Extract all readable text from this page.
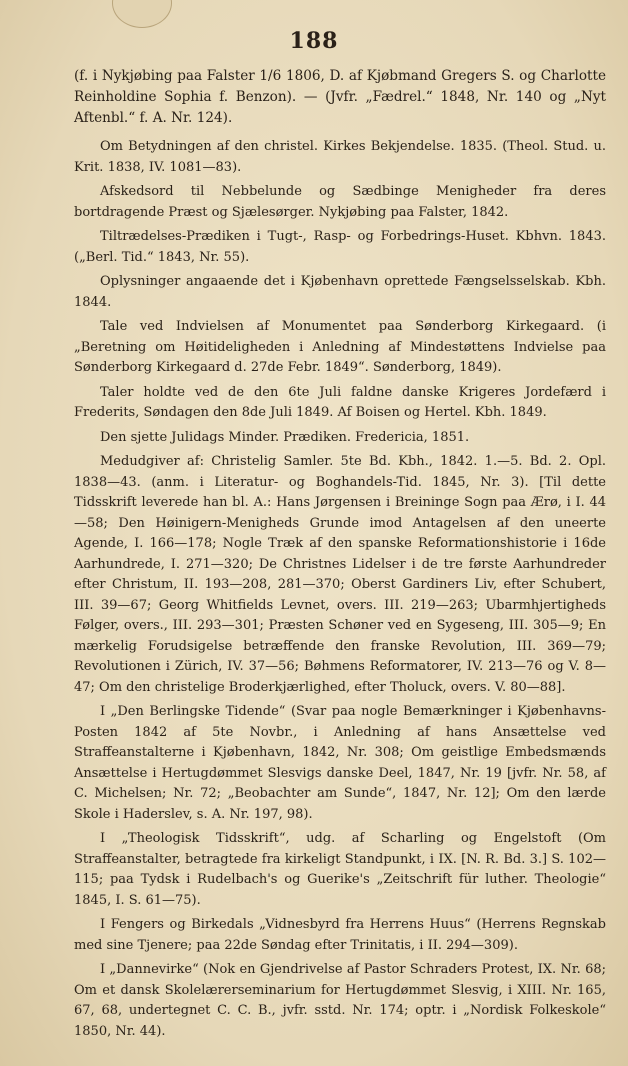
188

(f. i Nykjøbing paa Falster 1/6 1806, D. af Kjøbmand Gregers S. og Charlotte Reinholdine Sophia f. Benzon). — (Jvfr. „Fædrel.“ 1848, Nr. 140 og „Nyt Aftenbl.“ f. A. Nr. 124).

Om Betydningen af den christel. Kirkes Bekjendelse. 1835. (Theol. Stud. u. Krit. 1838, IV. 1081—83).

Afskedsord til Nebbelunde og Sædbinge Menigheder fra deres bortdragende Præst og Sjælesørger. Nykjøbing paa Falster, 1842.

Tiltrædelses-Prædiken i Tugt-, Rasp- og Forbedrings-Huset. Kbhvn. 1843. („Berl. Tid.“ 1843, Nr. 55).

Oplysninger angaaende det i Kjøbenhavn oprettede Fængselsselskab. Kbh. 1844.

Tale ved Indvielsen af Monumentet paa Sønderborg Kirkegaard. (i „Beretning om Høitideligheden i Anledning af Mindestøttens Indvielse paa Sønderborg Kirkegaard d. 27de Febr. 1849“. Sønderborg, 1849).

Taler holdte ved de den 6te Juli faldne danske Krigeres Jordefærd i Frederits, Søndagen den 8de Juli 1849. Af Boisen og Hertel. Kbh. 1849.

Den sjette Julidags Minder. Prædiken. Fredericia, 1851.

Medudgiver af: Christelig Samler. 5te Bd. Kbh., 1842. 1.—5. Bd. 2. Opl. 1838—43. (anm. i Literatur- og Boghandels-Tid. 1845, Nr. 3). [Til dette Tidsskrift leverede han bl. A.: Hans Jørgensen i Breininge Sogn paa Ærø, i I. 44—58; Den Høinigern-Menigheds Grunde imod Antagelsen af den uneerte Agende, I. 166—178; Nogle Træk af den spanske Reformationshistorie i 16de Aarhundrede, I. 271—320; De Christnes Lidelser i de tre første Aarhundreder efter Christum, II. 193—208, 281—370; Oberst Gardiners Liv, efter Schubert, III. 39—67; Georg Whitfields Levnet, overs. III. 219—263; Ubarmhjertigheds Følger, overs., III. 293—301; Præsten Schøner ved en Sygeseng, III. 305—9; En mærkelig Forudsigelse betræffende den franske Revolution, III. 369—79; Revolutionen i Zürich, IV. 37—56; Bøhmens Reformatorer, IV. 213—76 og V. 8—47; Om den christelige Broderkjærlighed, efter Tholuck, overs. V. 80—88].

I „Den Berlingske Tidende“ (Svar paa nogle Bemærkninger i Kjøbenhavns-Posten 1842 af 5te Novbr., i Anledning af hans Ansættelse ved Straffeanstalterne i Kjøbenhavn, 1842, Nr. 308; Om geistlige Embedsmænds Ansættelse i Hertugdømmet Slesvigs danske Deel, 1847, Nr. 19 [jvfr. Nr. 58, af C. Michelsen; Nr. 72; „Beobachter am Sunde“, 1847, Nr. 12]; Om den lærde Skole i Haderslev, s. A. Nr. 197, 98).

I „Theologisk Tidsskrift“, udg. af Scharling og Engelstoft (Om Straffeanstalter, betragtede fra kirkeligt Standpunkt, i IX. [N. R. Bd. 3.] S. 102—115; paa Tydsk i Rudelbach's og Guerike's „Zeitschrift für luther. Theologie“ 1845, I. S. 61—75).

I Fengers og Birkedals „Vidnesbyrd fra Herrens Huus“ (Herrens Regnskab med sine Tjenere; paa 22de Søndag efter Trinitatis, i II. 294—309).

I „Dannevirke“ (Nok en Gjendrivelse af Pastor Schraders Protest, IX. Nr. 68; Om et dansk Skolelærerseminarium for Hertugdømmet Slesvig, i XIII. Nr. 165, 67, 68, undertegnet C. C. B., jvfr. sstd. Nr. 174; optr. i „Nordisk Folkeskole“ 1850, Nr. 44).
